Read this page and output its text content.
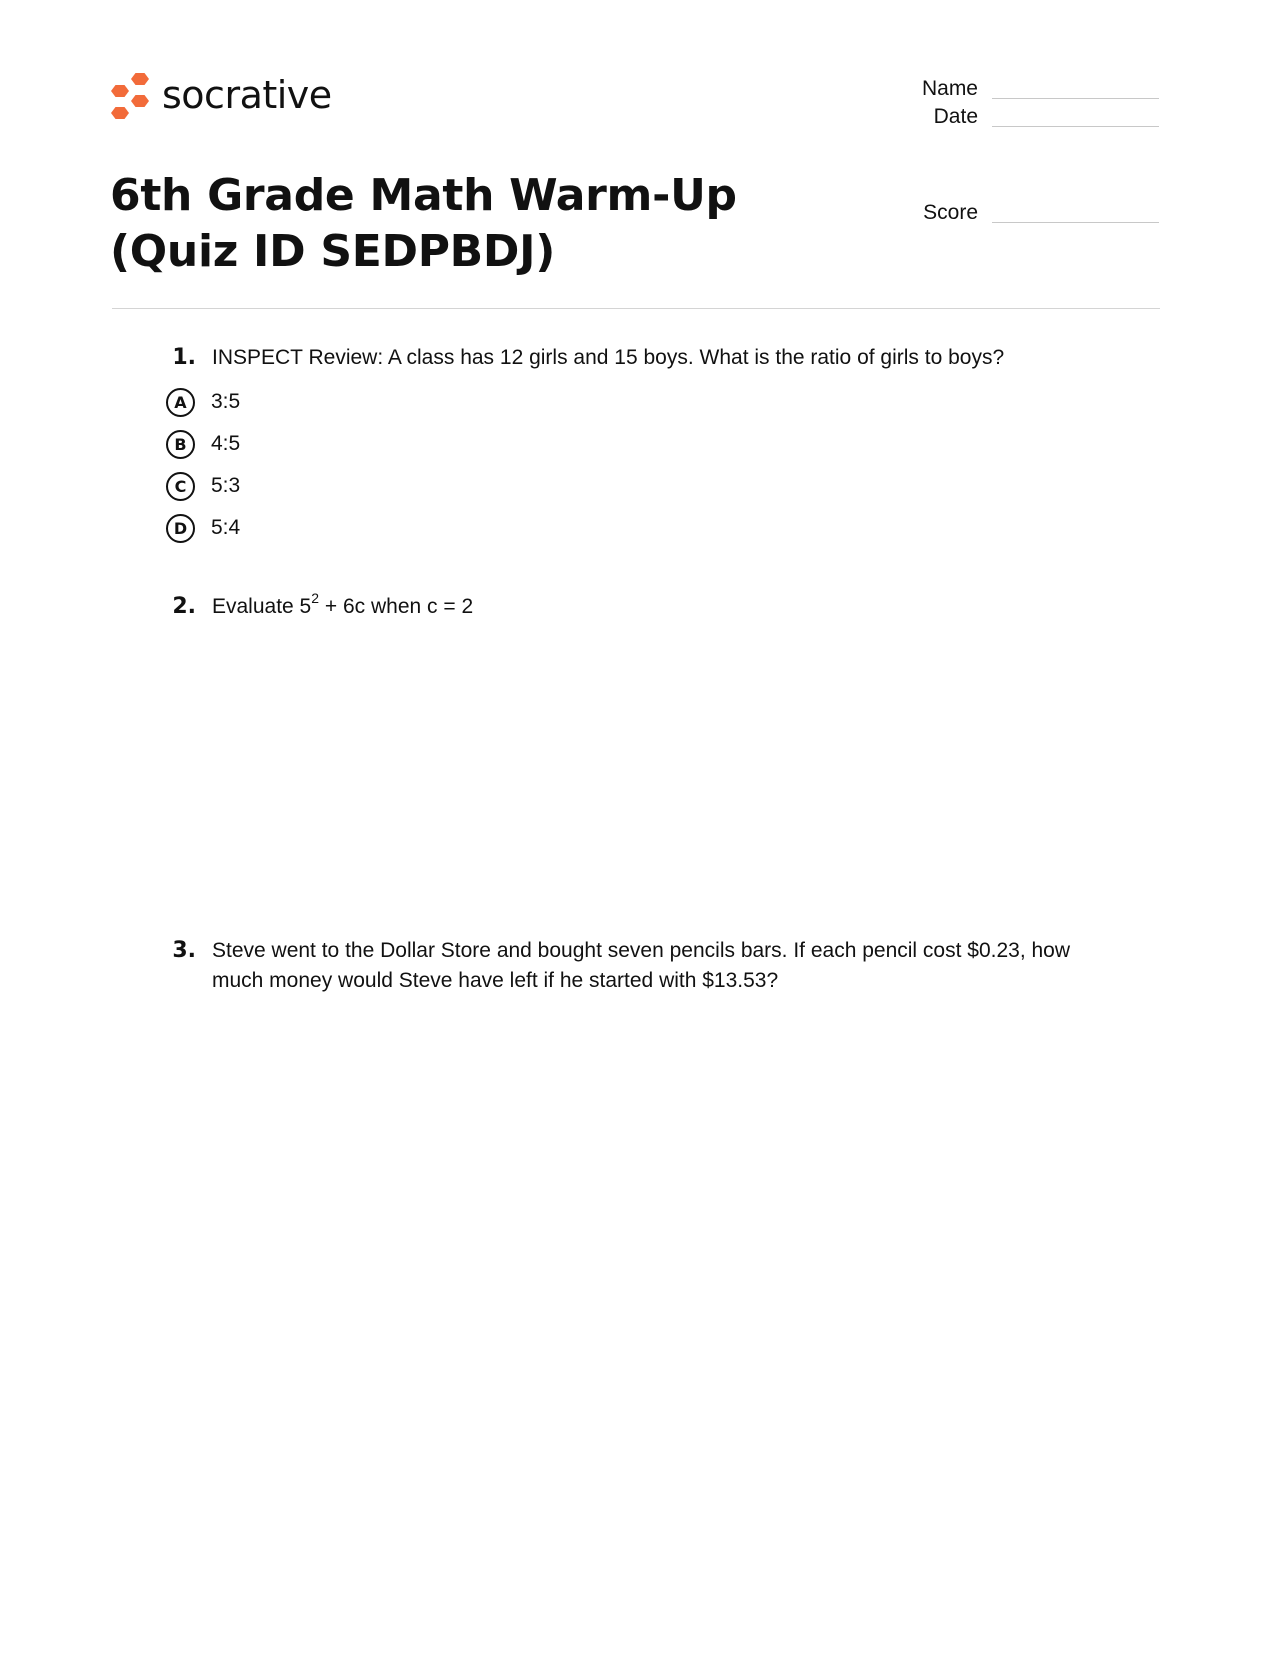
socrative	Name
Date
Score
6th Grade Math Warm-Up (Quiz ID SEDPBDJ)
1. INSPECT Review: A class has 12 girls and 15 boys. What is the ratio of girls to boys?
A	3:5
B	4:5
C	5:3
D	5:4
2. Evaluate $5^2 + 6c$ when c = 2
3. Steve went to the Dollar Store and bought seven pencils bars. If each pencil cost $0.23, how much money would Steve have left if he started with $13.53?
